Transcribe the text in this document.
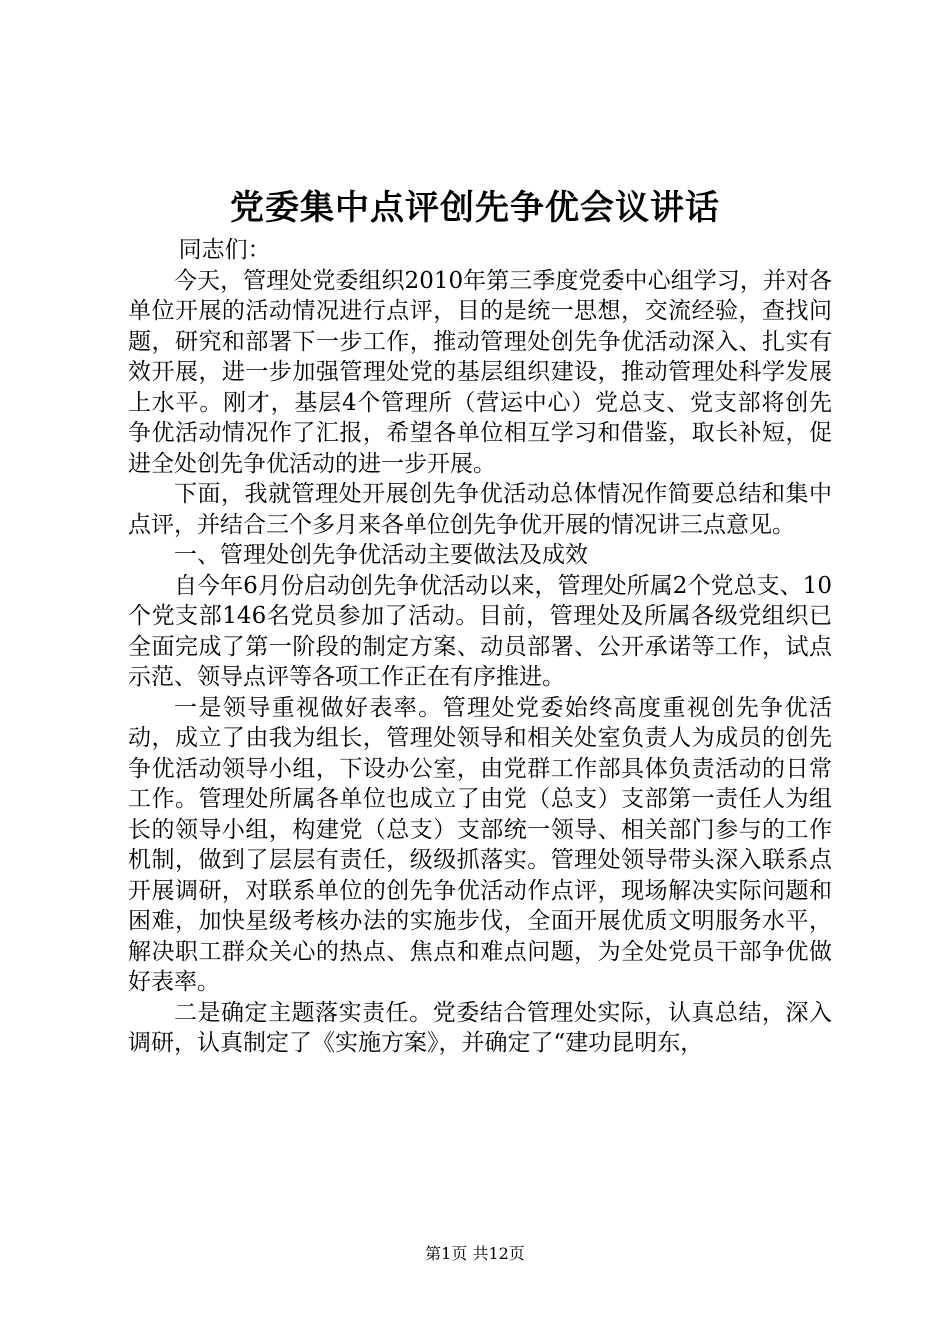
党委集中点评创先争优会议讲话

同志们：

今天，管理处党委组织2010年第三季度党委中心组学习，并对各单位开展的活动情况进行点评，目的是统一思想，交流经验，查找问题，研究和部署下一步工作，推动管理处创先争优活动深入、扎实有效开展，进一步加强管理处党的基层组织建设，推动管理处科学发展上水平。刚才，基层4个管理所（营运中心）党总支、党支部将创先争优活动情况作了汇报，希望各单位相互学习和借鉴，取长补短，促进全处创先争优活动的进一步开展。

下面，我就管理处开展创先争优活动总体情况作简要总结和集中点评，并结合三个多月来各单位创先争优开展的情况讲三点意见。

一、管理处创先争优活动主要做法及成效

自今年6月份启动创先争优活动以来，管理处所属2个党总支、10个党支部146名党员参加了活动。目前，管理处及所属各级党组织已全面完成了第一阶段的制定方案、动员部署、公开承诺等工作，试点示范、领导点评等各项工作正在有序推进。

一是领导重视做好表率。管理处党委始终高度重视创先争优活动，成立了由我为组长，管理处领导和相关处室负责人为成员的创先争优活动领导小组，下设办公室，由党群工作部具体负责活动的日常工作。管理处所属各单位也成立了由党（总支）支部第一责任人为组长的领导小组，构建党（总支）支部统一领导、相关部门参与的工作机制，做到了层层有责任，级级抓落实。管理处领导带头深入联系点开展调研，对联系单位的创先争优活动作点评，现场解决实际问题和困难，加快星级考核办法的实施步伐，全面开展优质文明服务水平，解决职工群众关心的热点、焦点和难点问题，为全处党员干部争优做好表率。

二是确定主题落实责任。党委结合管理处实际，认真总结，深入调研，认真制定了《实施方案》，并确定了“建功昆明东，

第1页 共12页
